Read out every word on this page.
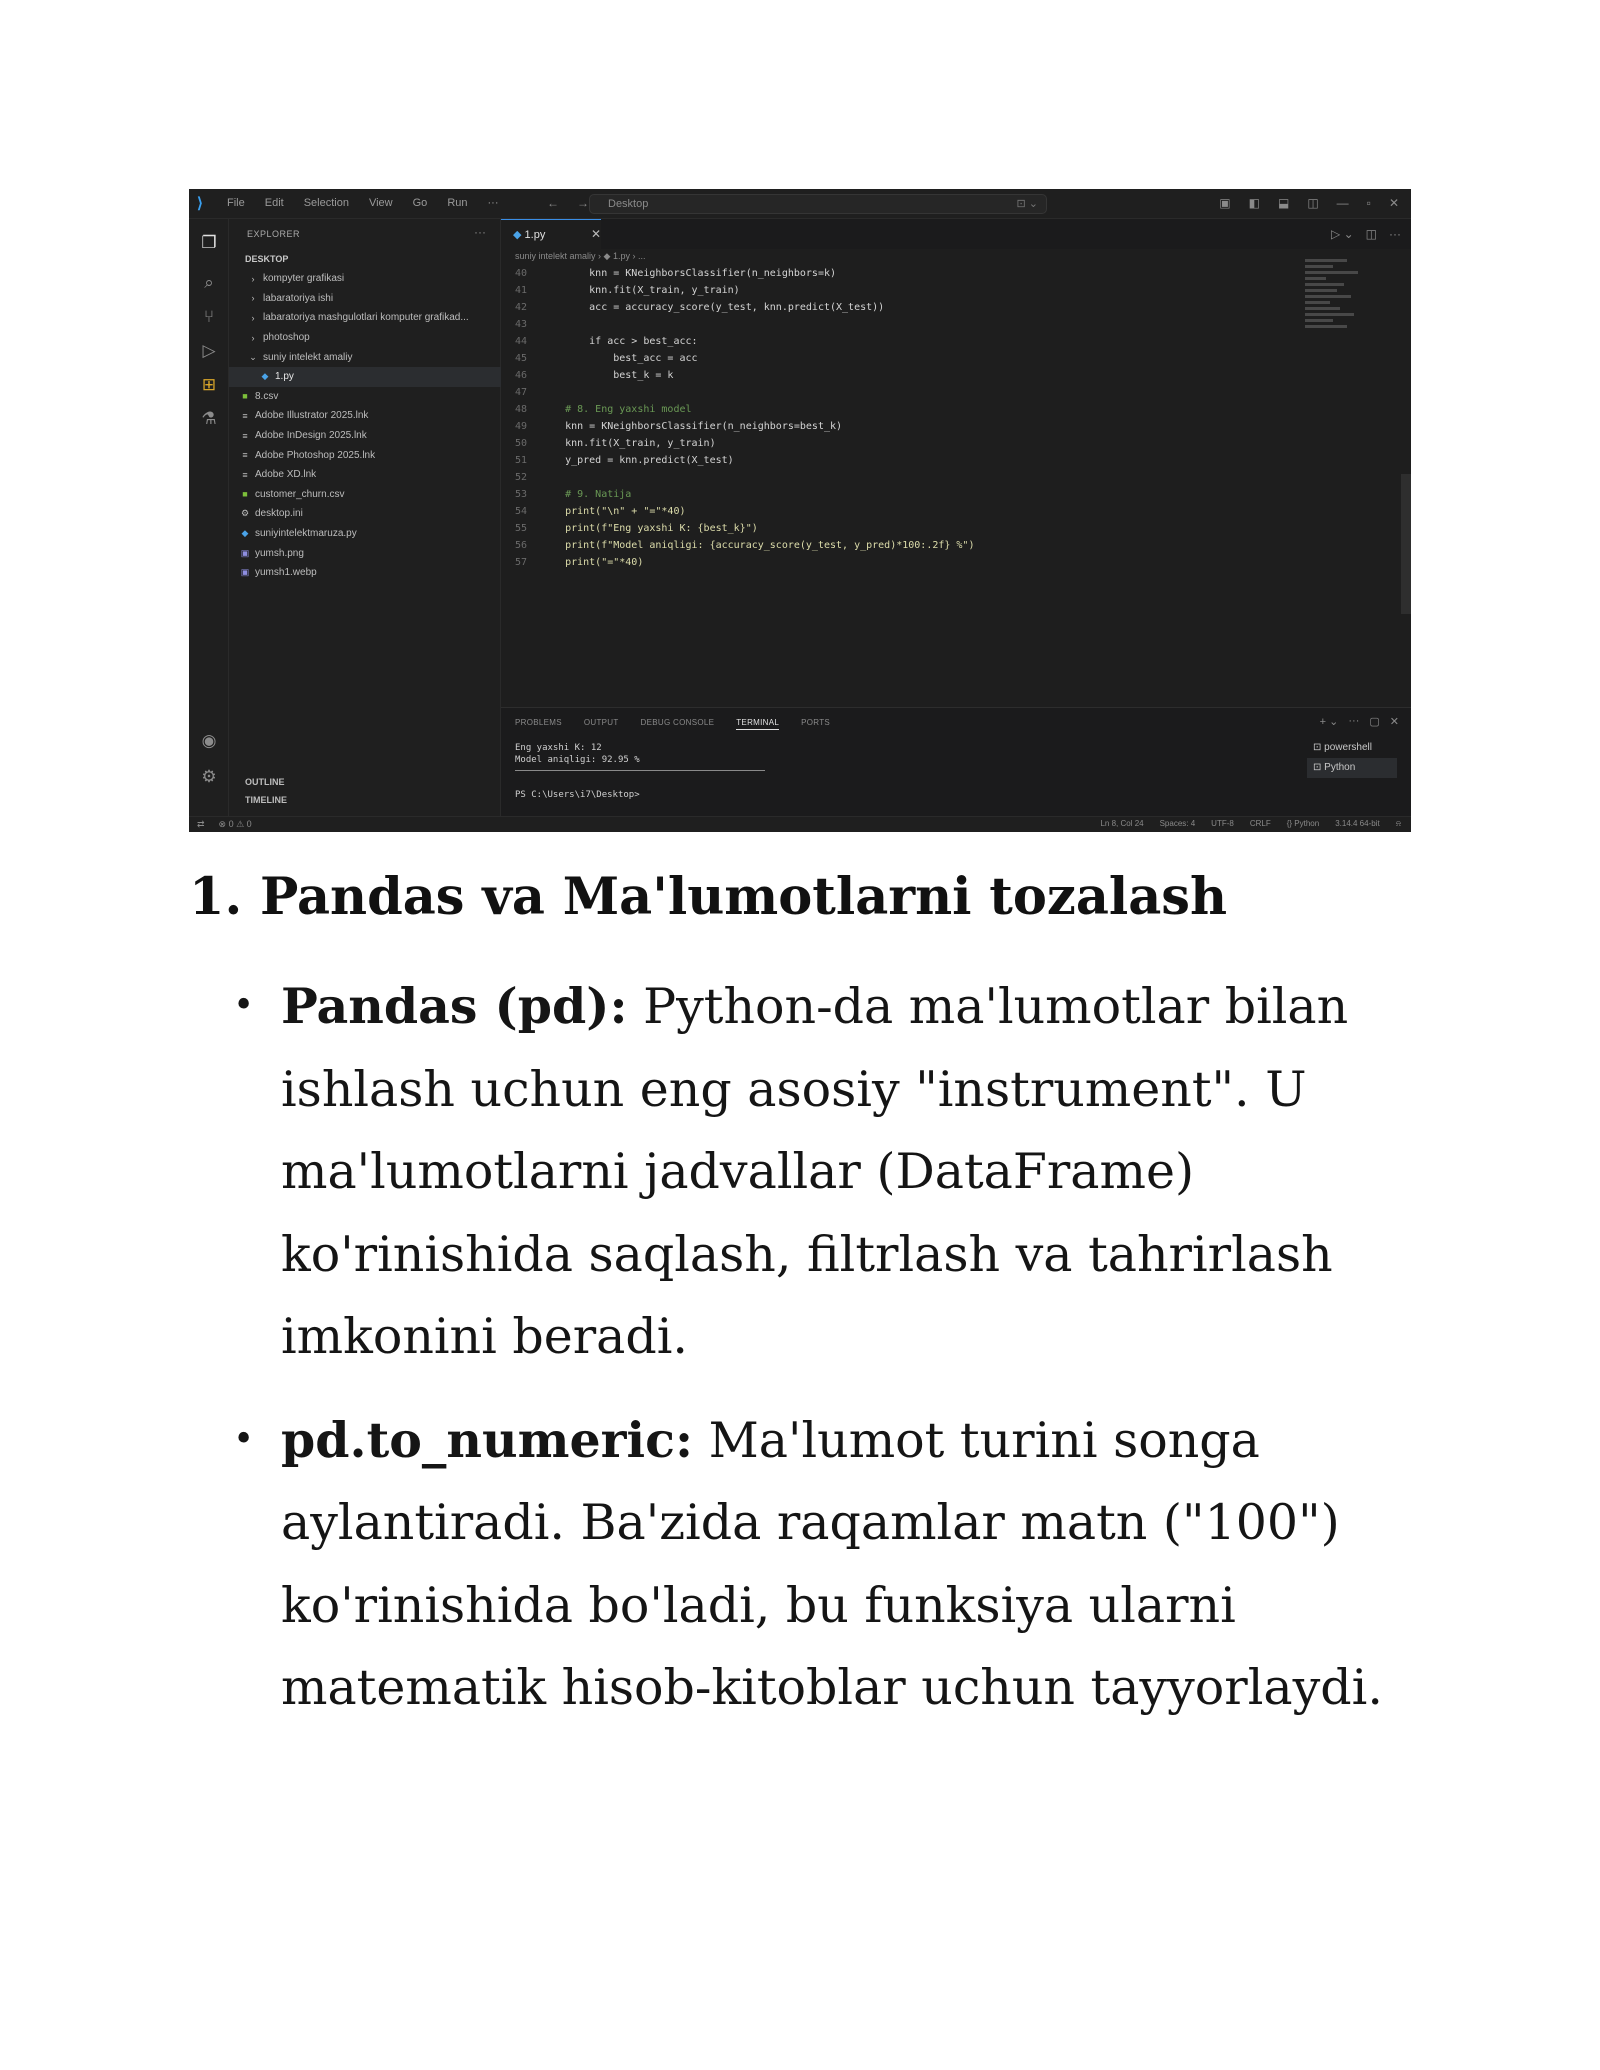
⟩	File Edit Selection View Go Run ···	← →	Desktop	⊡ ⌄	▣ ◧ ⬓ ◫ — ▫ ✕
❐
⌕
⑂
▷
⊞
⚗
◉
⚙
EXPLORER	···
DESKTOP
› kompyter grafikasi
› labaratoriya ishi
› labaratoriya mashgulotlari komputer grafikad...
› photoshop
⌄ suniy intelekt amaliy
◆ 1.py
■ 8.csv
≡ Adobe Illustrator 2025.lnk
≡ Adobe InDesign 2025.lnk
≡ Adobe Photoshop 2025.lnk
≡ Adobe XD.lnk
■ customer_churn.csv
⚙ desktop.ini
◆ suniyintelektmaruza.py
▣ yumsh.png
▣ yumsh1.webp
OUTLINE
TIMELINE
◆ 1.py	✕	▷ ⌄ ◫ ···
suniy intelekt amaliy › ◆ 1.py › ...
40	knn = KNeighborsClassifier(n_neighbors=k)
41	knn.fit(X_train, y_train)
42	acc = accuracy_score(y_test, knn.predict(X_test))
43
44	if acc > best_acc:
45	best_acc = acc
46	best_k = k
47
48	# 8. Eng yaxshi model
49	knn = KNeighborsClassifier(n_neighbors=best_k)
50	knn.fit(X_train, y_train)
51	y_pred = knn.predict(X_test)
52
53	# 9. Natija
54	print("\n" + "="*40)
55	print(f"Eng yaxshi K: {best_k}")
56	print(f"Model aniqligi: {accuracy_score(y_test, y_pred)*100:.2f} %")
57	print("="*40)
PROBLEMS	OUTPUT	DEBUG CONSOLE	TERMINAL	PORTS	+ ⌄ ··· ▢ ✕
Eng yaxshi K: 12
Model aniqligi: 92.95 %
PS C:\Users\i7\Desktop>
⊡ powershell
⊡ Python
⇄ ⊗ 0 ⚠ 0	Ln 8, Col 24 Spaces: 4 UTF-8 CRLF {} Python 3.14.4 64-bit ⍾
1. Pandas va Ma'lumotlarni tozalash
• Pandas (pd): Python-da ma'lumotlar bilan ishlash uchun eng asosiy "instrument". U ma'lumotlarni jadvallar (DataFrame) ko'rinishida saqlash, filtrlash va tahrirlash imkonini beradi.
• pd.to_numeric: Ma'lumot turini songa aylantiradi. Ba'zida raqamlar matn ("100") ko'rinishida bo'ladi, bu funksiya ularni matematik hisob-kitoblar uchun tayyorlaydi.
